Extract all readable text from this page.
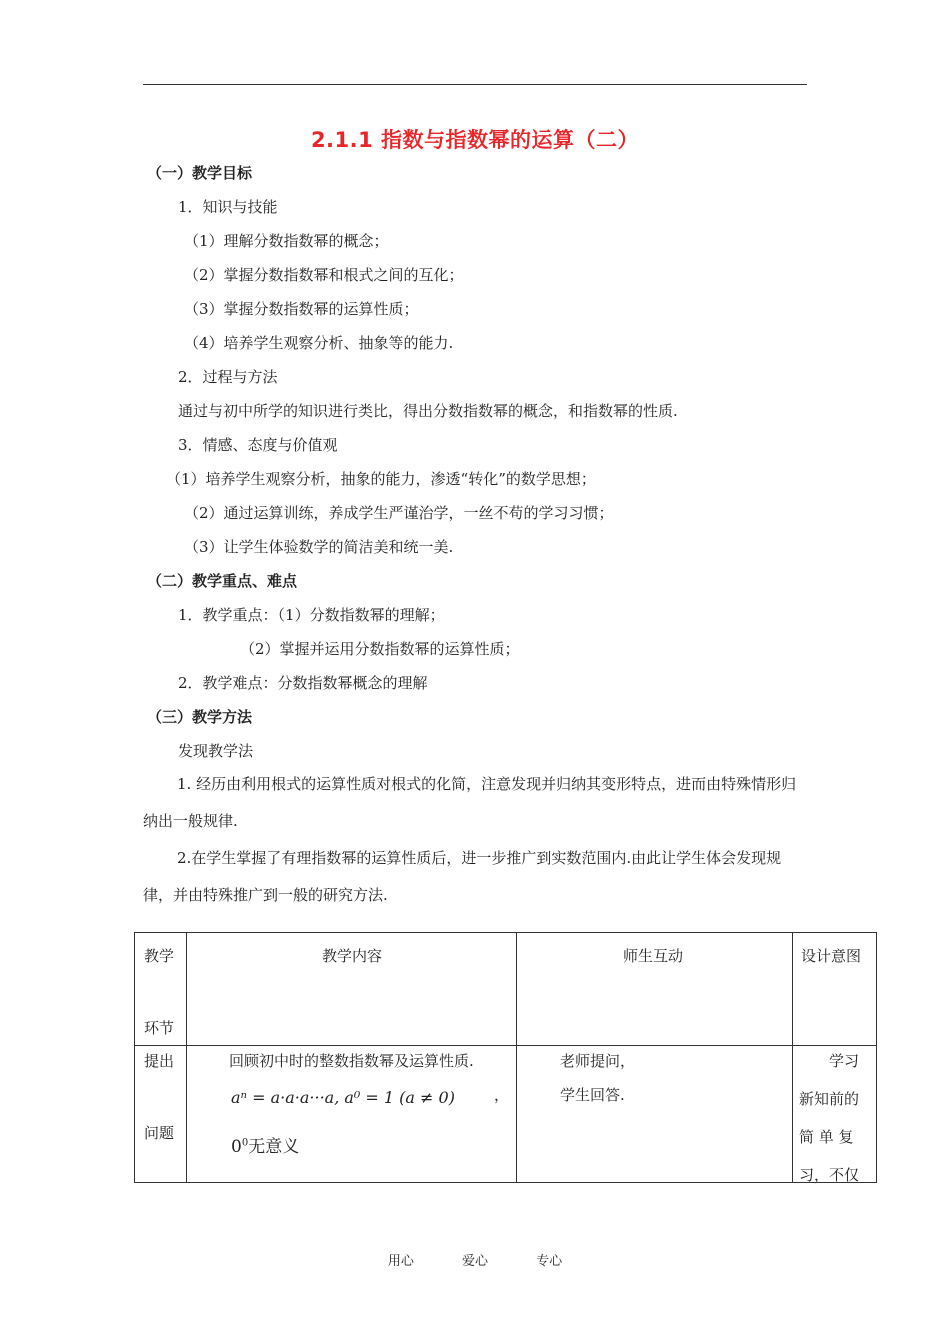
2.1.1 指数与指数幂的运算（二）
（一）教学目标
1．知识与技能
（1）理解分数指数幂的概念；
（2）掌握分数指数幂和根式之间的互化；
（3）掌握分数指数幂的运算性质；
（4）培养学生观察分析、抽象等的能力.
2．过程与方法
通过与初中所学的知识进行类比，得出分数指数幂的概念，和指数幂的性质.
3．情感、态度与价值观
（1）培养学生观察分析，抽象的能力，渗透“转化”的数学思想；
（2）通过运算训练，养成学生严谨治学，一丝不苟的学习习惯；
（3）让学生体验数学的简洁美和统一美.
（二）教学重点、难点
1．教学重点：（1）分数指数幂的理解；
（2）掌握并运用分数指数幂的运算性质；
2．教学难点：分数指数幂概念的理解
（三）教学方法
发现教学法
1. 经历由利用根式的运算性质对根式的化简，注意发现并归纳其变形特点，进而由特殊情形归纳出一般规律.
2.在学生掌握了有理指数幂的运算性质后，进一步推广到实数范围内.由此让学生体会发现规律，并由特殊推广到一般的研究方法.
教学
环节	教学内容	师生互动	设计意图

提出
问题	回顾初中时的整数指数幂及运算性质.
aⁿ = a·a·a···a, a⁰ = 1 (a ≠ 0) ，
$0^0$无意义	老师提问，
学生回答.	学习
新知前的
简 单 复
习，不仅
用心	爱心	专心
